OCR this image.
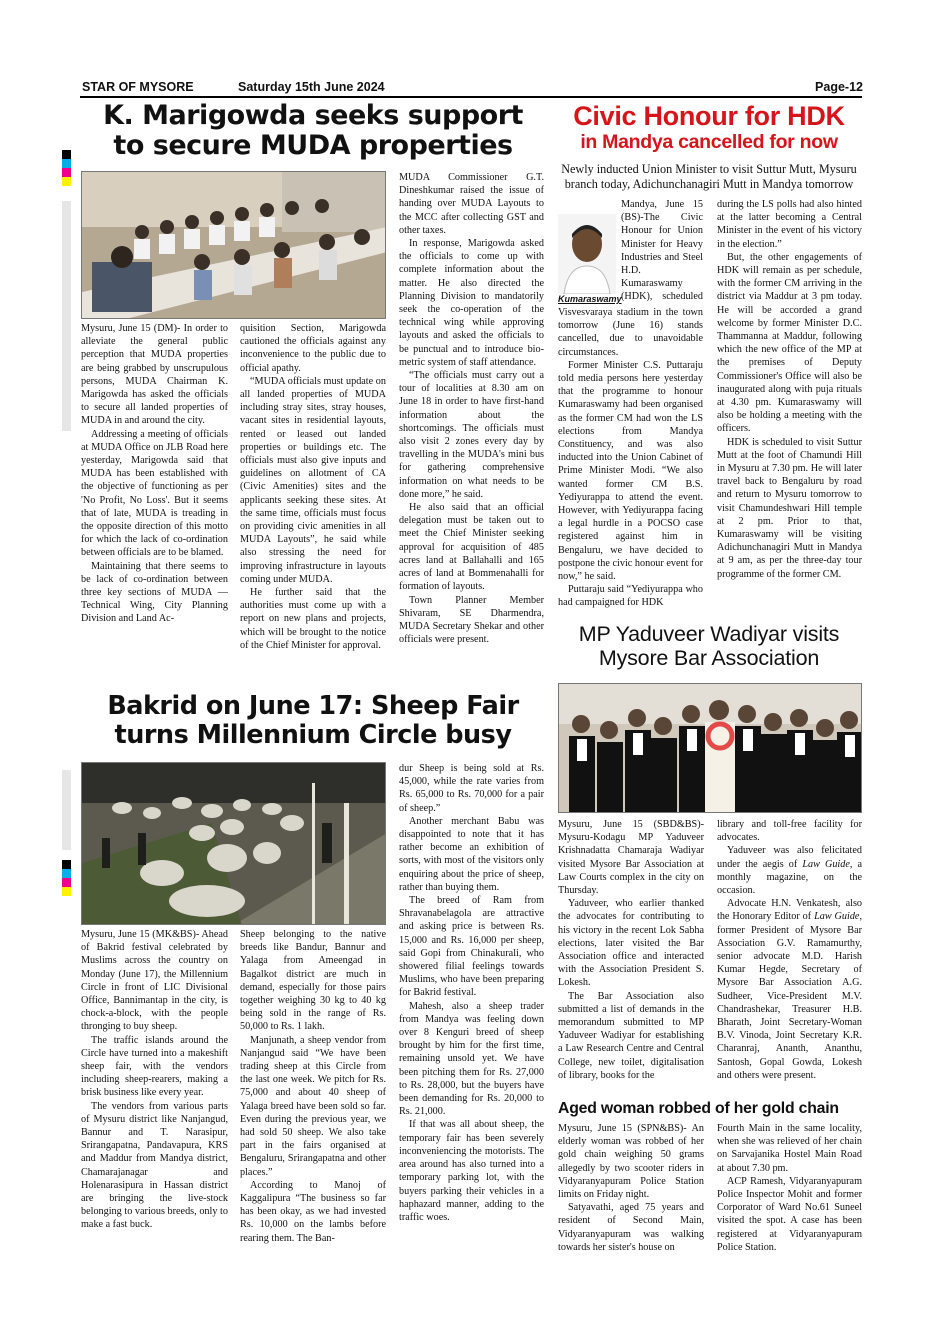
STAR OF MYSORE	Saturday 15th June 2024	Page-12
K. Marigowda seeks support
to secure MUDA properties

Mysuru, June 15 (DM)- In order to alleviate the general public perception that MUDA properties are being grabbed by unscrupulous persons, MUDA Chairman K. Marigowda has asked the officials to secure all landed properties of MUDA in and around the city.

Addressing a meeting of officials at MUDA Office on JLB Road here yesterday, Marigowda said that MUDA has been established with the objective of functioning as per 'No Profit, No Loss'. But it seems that of late, MUDA is treading in the opposite direction of this motto for which the lack of co-ordination between officials are to be blamed.

Maintaining that there seems to be lack of co-ordination between three key sections of MUDA — Technical Wing, City Planning Division and Land Ac-

quisition Section, Marigowda cautioned the officials against any inconvenience to the public due to official apathy.

“MUDA officials must update on all landed properties of MUDA including stray sites, stray houses, vacant sites in residential layouts, rented or leased out landed properties or buildings etc. The officials must also give inputs and guidelines on allotment of CA (Civic Amenities) sites and the applicants seeking these sites. At the same time, officials must focus on providing civic amenities in all MUDA Layouts”, he said while also stressing the need for improving infrastructure in layouts coming under MUDA.

He further said that the authorities must come up with a report on new plans and projects, which will be brought to the notice of the Chief Minister for approval.

MUDA Commissioner G.T. Dineshkumar raised the issue of handing over MUDA Layouts to the MCC after collecting GST and other taxes.

In response, Marigowda asked the officials to come up with complete information about the matter. He also directed the Planning Division to mandatorily seek the co-operation of the technical wing while approving layouts and asked the officials to be punctual and to introduce bio-metric system of staff attendance.

“The officials must carry out a tour of localities at 8.30 am on June 18 in order to have first-hand information about the shortcomings. The officials must also visit 2 zones every day by travelling in the MUDA's mini bus for gathering comprehensive information on what needs to be done more,” he said.

He also said that an official delegation must be taken out to meet the Chief Minister seeking approval for acquisition of 485 acres land at Ballahalli and 165 acres of land at Bommenahalli for formation of layouts.

Town Planner Member Shivaram, SE Dharmendra, MUDA Secretary Shekar and other officials were present.

Civic Honour for HDK
in Mandya cancelled for now
Newly inducted Union Minister to visit Suttur Mutt, Mysuru branch today, Adichunchanagiri Mutt in Mandya tomorrow
Kumaraswamy
Mandya, June 15 (BS)-The Civic Honour for Union Minister for Heavy Industries and Steel H.D. Kumaraswamy (HDK), scheduled

Visvesvaraya stadium in the town tomorrow (June 16) stands cancelled, due to unavoidable circumstances.

Former Minister C.S. Puttaraju told media persons here yesterday that the programme to honour Kumaraswamy had been organised as the former CM had won the LS elections from Mandya Constituency, and was also inducted into the Union Cabinet of Prime Minister Modi. “We also wanted former CM B.S. Yediyurappa to attend the event. However, with Yediyurappa facing a legal hurdle in a POCSO case registered against him in Bengaluru, we have decided to postpone the civic honour event for now,” he said.

Puttaraju said “Yediyurappa who had campaigned for HDK

during the LS polls had also hinted at the latter becoming a Central Minister in the event of his victory in the election.”

But, the other engagements of HDK will remain as per schedule, with the former CM arriving in the district via Maddur at 3 pm today. He will be accorded a grand welcome by former Minister D.C. Thammanna at Maddur, following which the new office of the MP at the premises of Deputy Commissioner's Office will also be inaugurated along with puja rituals at 4.30 pm. Kumaraswamy will also be holding a meeting with the officers.

HDK is scheduled to visit Suttur Mutt at the foot of Chamundi Hill in Mysuru at 7.30 pm. He will later travel back to Bengaluru by road and return to Mysuru tomorrow to visit Chamundeshwari Hill temple at 2 pm. Prior to that, Kumaraswamy will be visiting Adichunchanagiri Mutt in Mandya at 9 am, as per the three-day tour programme of the former CM.

MP Yaduveer Wadiyar visits
Mysore Bar Association

Mysuru, June 15 (SBD&BS)- Mysuru-Kodagu MP Yaduveer Krishnadatta Chamaraja Wadiyar visited Mysore Bar Association at Law Courts complex in the city on Thursday.

Yaduveer, who earlier thanked the advocates for contributing to his victory in the recent Lok Sabha elections, later visited the Bar Association office and interacted with the Association President S. Lokesh.

The Bar Association also submitted a list of demands in the memorandum submitted to MP Yaduveer Wadiyar for establishing a Law Research Centre and Central College, new toilet, digitalisation of library, books for the

library and toll-free facility for advocates.

Yaduveer was also felicitated under the aegis of Law Guide, a monthly magazine, on the occasion.

Advocate H.N. Venkatesh, also the Honorary Editor of Law Guide, former President of Mysore Bar Association G.V. Ramamurthy, senior advocate M.D. Harish Kumar Hegde, Secretary of Mysore Bar Association A.G. Sudheer, Vice-President M.V. Chandrashekar, Treasurer H.B. Bharath, Joint Secretary-Woman B.V. Vinoda, Joint Secretary K.R. Charanraj, Ananth, Ananthu, Santosh, Gopal Gowda, Lokesh and others were present.

Bakrid on June 17: Sheep Fair
turns Millennium Circle busy

Mysuru, June 15 (MK&BS)- Ahead of Bakrid festival celebrated by Muslims across the country on Monday (June 17), the Millennium Circle in front of LIC Divisional Office, Bannimantap in the city, is chock-a-block, with the people thronging to buy sheep.

The traffic islands around the Circle have turned into a makeshift sheep fair, with the vendors including sheep-rearers, making a brisk business like every year.

The vendors from various parts of Mysuru district like Nanjangud, Bannur and T. Narasipur, Srirangapatna, Pandavapura, KRS and Maddur from Mandya district, Chamarajanagar and Holenarasipura in Hassan district are bringing the live-stock belonging to various breeds, only to make a fast buck.

Sheep belonging to the native breeds like Bandur, Bannur and Yalaga from Ameengad in Bagalkot district are much in demand, especially for those pairs together weighing 30 kg to 40 kg being sold in the range of Rs. 50,000 to Rs. 1 lakh.

Manjunath, a sheep vendor from Nanjangud said “We have been trading sheep at this Circle from the last one week. We pitch for Rs. 75,000 and about 40 sheep of Yalaga breed have been sold so far. Even during the previous year, we had sold 50 sheep. We also take part in the fairs organised at Bengaluru, Srirangapatna and other places.”

According to Manoj of Kaggalipura “The business so far has been okay, as we had invested Rs. 10,000 on the lambs before rearing them. The Ban-

dur Sheep is being sold at Rs. 45,000, while the rate varies from Rs. 65,000 to Rs. 70,000 for a pair of sheep.”

Another merchant Babu was disappointed to note that it has rather become an exhibition of sorts, with most of the visitors only enquiring about the price of sheep, rather than buying them.

The breed of Ram from Shravanabelagola are attractive and asking price is between Rs. 15,000 and Rs. 16,000 per sheep, said Gopi from Chinakurali, who showered filial feelings towards Muslims, who have been preparing for Bakrid festival.

Mahesh, also a sheep trader from Mandya was feeling down over 8 Kenguri breed of sheep brought by him for the first time, remaining unsold yet. We have been pitching them for Rs. 27,000 to Rs. 28,000, but the buyers have been demanding for Rs. 20,000 to Rs. 21,000.

If that was all about sheep, the temporary fair has been severely inconveniencing the motorists. The area around has also turned into a temporary parking lot, with the buyers parking their vehicles in a haphazard manner, adding to the traffic woes.

Aged woman robbed of her gold chain

Mysuru, June 15 (SPN&BS)- An elderly woman was robbed of her gold chain weighing 50 grams allegedly by two scooter riders in Vidyaranyapuram Police Station limits on Friday night.

Satyavathi, aged 75 years and resident of Second Main, Vidyaranyapuram was walking towards her sister's house on

Fourth Main in the same locality, when she was relieved of her chain on Sarvajanika Hostel Main Road at about 7.30 pm.

ACP Ramesh, Vidyaranyapuram Police Inspector Mohit and former Corporator of Ward No.61 Suneel visited the spot. A case has been registered at Vidyaranyapuram Police Station.
